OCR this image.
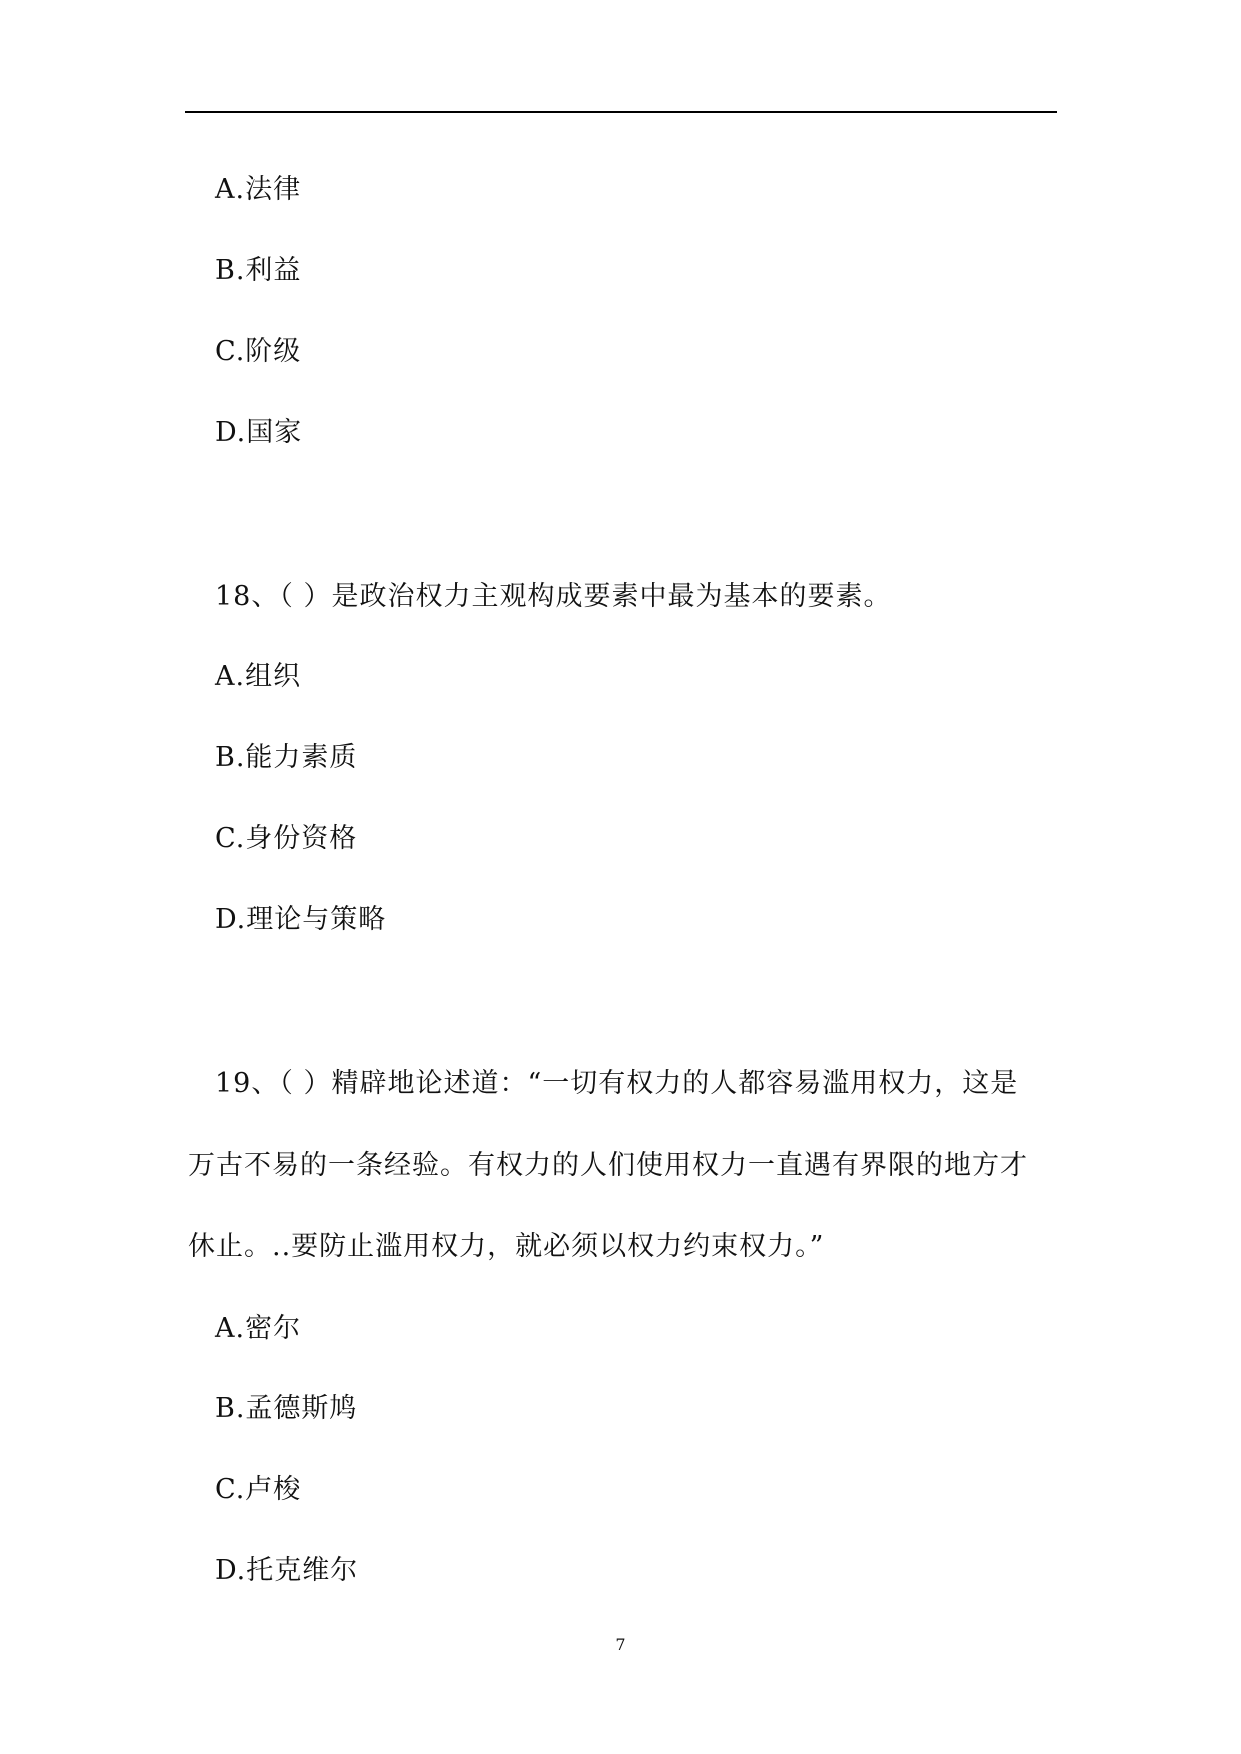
A.法律
B.利益
C.阶级
D.国家
18、（ ）是政治权力主观构成要素中最为基本的要素。
A.组织
B.能力素质
C.身份资格
D.理论与策略
19、（ ）精辟地论述道：“一切有权力的人都容易滥用权力，这是
万古不易的一条经验。有权力的人们使用权力一直遇有界限的地方才
休止。..要防止滥用权力，就必须以权力约束权力。”
A.密尔
B.孟德斯鸠
C.卢梭
D.托克维尔
7
